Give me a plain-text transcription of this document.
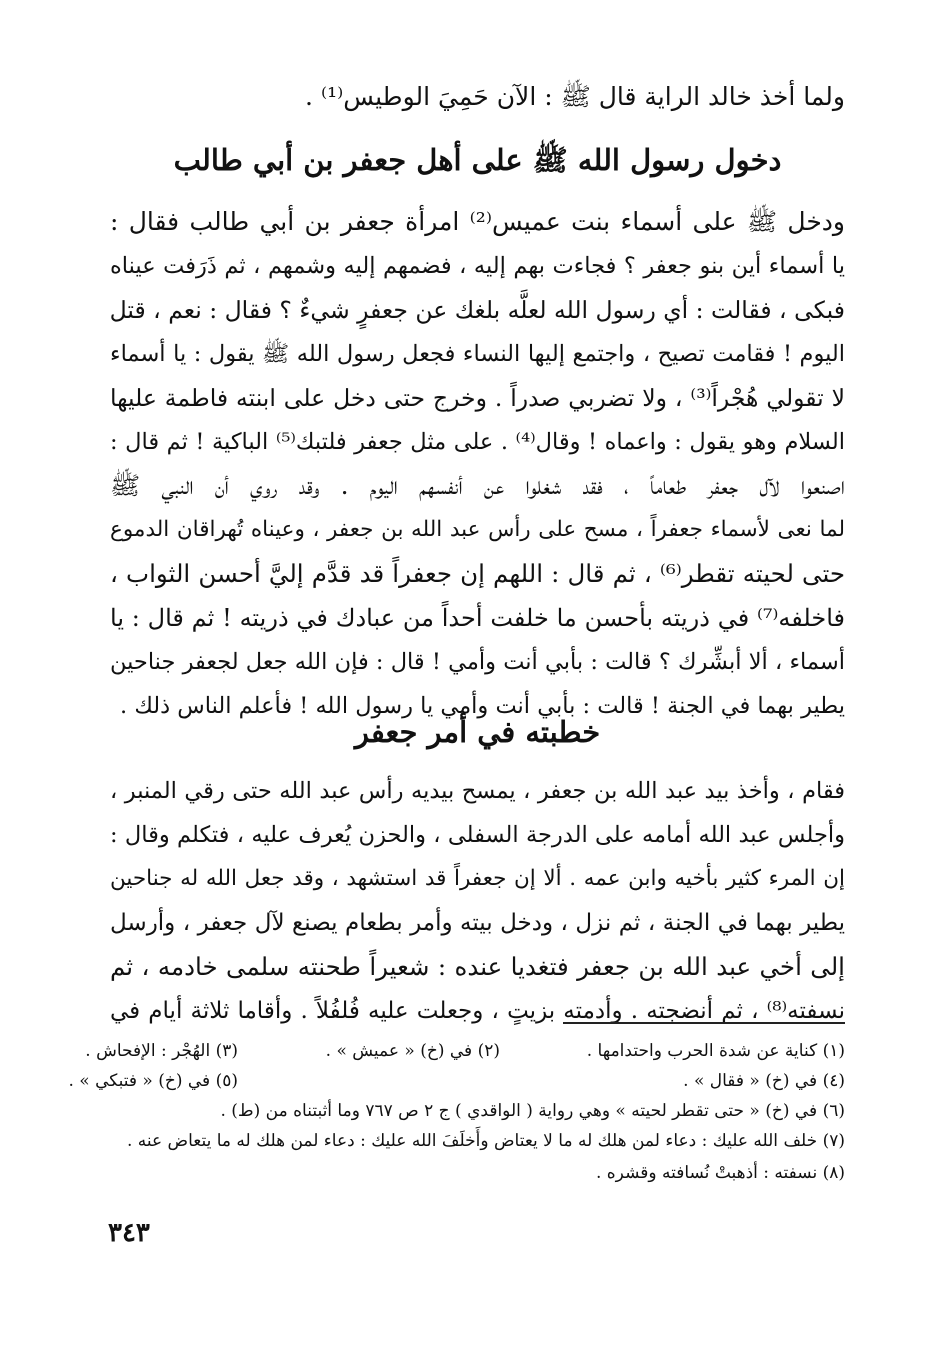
ولما أخذ خالد الراية قال ﷺ : الآن حَمِيَ الوطيس⁽¹⁾ .
دخول رسول الله ﷺ على أهل جعفر بن أبي طالب
ودخل ﷺ على أسماء بنت عميس⁽²⁾ امرأة جعفر بن أبي طالب فقال :
يا أسماء أين بنو جعفر ؟ فجاءت بهم إليه ، فضمهم إليه وشمهم ، ثم ذَرَفت عيناه
فبكى ، فقالت : أي رسول الله لعلَّه بلغك عن جعفرٍ شيءٌ ؟ فقال : نعم ، قتل
اليوم ! فقامت تصيح ، واجتمع إليها النساء فجعل رسول الله ﷺ يقول : يا أسماء
لا تقولي هُجْراً⁽³⁾ ، ولا تضربي صدراً . وخرج حتى دخل على ابنته فاطمة عليها
السلام وهو يقول : واعماه ! وقال⁽⁴⁾ . على مثل جعفر فلتبك⁽⁵⁾ الباكية ! ثم قال :
اصنعوا لآل جعفر طعاماً ، فقد شغلوا عن أنفسهم اليوم . وقد روي أن النبي ﷺ
لما نعى لأسماء جعفراً ، مسح على رأس عبد الله بن جعفر ، وعيناه تُهراقان الدموع
حتى لحيته تقطر⁽⁶⁾ ، ثم قال : اللهم إن جعفراً قد قدَّم إليَّ أحسن الثواب ،
فاخلفه⁽⁷⁾ في ذريته بأحسن ما خلفت أحداً من عبادك في ذريته ! ثم قال : يا
أسماء ، ألا أبشِّرك ؟ قالت : بأبي أنت وأمي ! قال : فإن الله جعل لجعفر جناحين
يطير بهما في الجنة ! قالت : بأبي أنت وأمي يا رسول الله ! فأعلم الناس ذلك .
خطبته في أمر جعفر
فقام ، وأخذ بيد عبد الله بن جعفر ، يمسح بيديه رأس عبد الله حتى رقي المنبر ،
وأجلس عبد الله أمامه على الدرجة السفلى ، والحزن يُعرف عليه ، فتكلم وقال :
إن المرء كثير بأخيه وابن عمه . ألا إن جعفراً قد استشهد ، وقد جعل الله له جناحين
يطير بهما في الجنة ، ثم نزل ، ودخل بيته وأمر بطعام يصنع لآل جعفر ، وأرسل
إلى أخي عبد الله بن جعفر فتغديا عنده : شعيراً طحنته سلمى خادمه ، ثم
نسفته⁽⁸⁾ ، ثم أنضجته . وأدمته بزيتٍ ، وجعلت عليه فُلفُلاً . وأقاما ثلاثة أيام في
(١) كناية عن شدة الحرب واحتدامها .
(٢) في (خ) « عميش » .
(٣) الهُجْر : الإفحاش .
(٤) في (خ) « فقال » .
(٥) في (خ) « فتبكي » .
(٦) في (خ) « حتى تقطر لحيته » وهي رواية ( الواقدي ) ج ٢ ص ٧٦٧ وما أثبتناه من (ط) .
(٧) خلف الله عليك : دعاء لمن هلك له ما لا يعتاض وأَخلَفَ الله عليك : دعاء لمن هلك له ما يتعاض عنه .
(٨) نسفته : أذهبتْ نُسافته وقشره .
٣٤٣
